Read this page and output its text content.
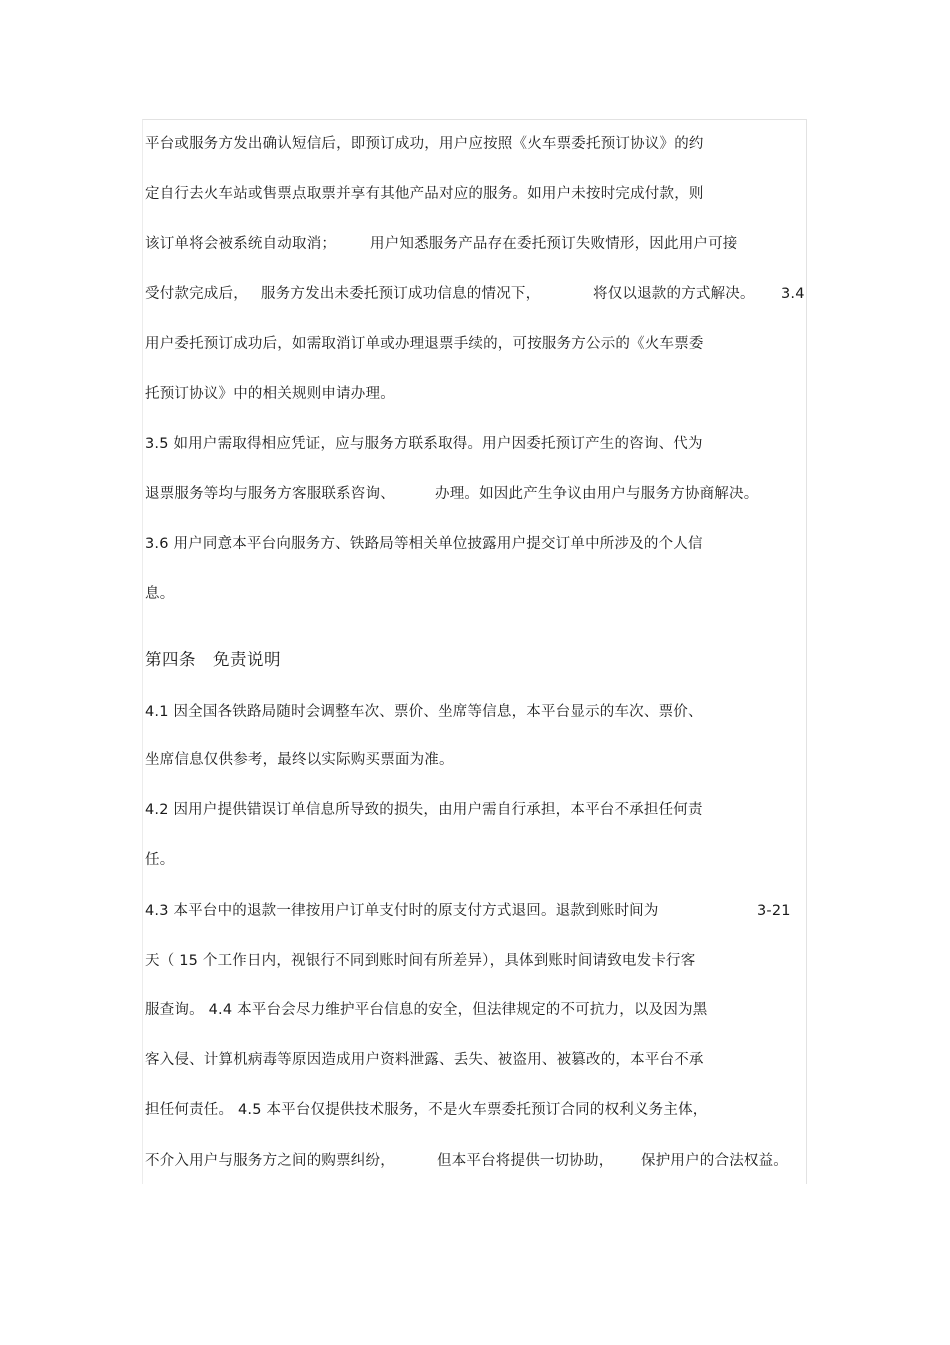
平台或服务方发出确认短信后，即预订成功，用户应按照《火车票委托预订协议》的约
定自行去火车站或售票点取票并享有其他产品对应的服务。如用户未按时完成付款，则
该订单将会被系统自动取消； 用户知悉服务产品存在委托预订失败情形，因此用户可接
受付款完成后， 服务方发出未委托预订成功信息的情况下，	将仅以退款的方式解决。 3.4
用户委托预订成功后，如需取消订单或办理退票手续的，可按服务方公示的《火车票委
托预订协议》中的相关规则申请办理。
3.5 如用户需取得相应凭证，应与服务方联系取得。用户因委托预订产生的咨询、代为
退票服务等均与服务方客服联系咨询、	办理。如因此产生争议由用户与服务方协商解决。
3.6 用户同意本平台向服务方、铁路局等相关单位披露用户提交订单中所涉及的个人信
息。
第四条　免责说明
4.1 因全国各铁路局随时会调整车次、票价、坐席等信息，本平台显示的车次、票价、
坐席信息仅供参考，最终以实际购买票面为准。
4.2 因用户提供错误订单信息所导致的损失，由用户需自行承担，本平台不承担任何责
任。
4.3 本平台中的退款一律按用户订单支付时的原支付方式退回。退款到账时间为	3-21
天（ 15 个工作日内，视银行不同到账时间有所差异），具体到账时间请致电发卡行客
服查询。 4.4 本平台会尽力维护平台信息的安全，但法律规定的不可抗力，以及因为黑
客入侵、计算机病毒等原因造成用户资料泄露、丢失、被盗用、被篡改的，本平台不承
担任何责任。 4.5 本平台仅提供技术服务，不是火车票委托预订合同的权利义务主体，
不介入用户与服务方之间的购票纠纷，	但本平台将提供一切协助， 保护用户的合法权益。
